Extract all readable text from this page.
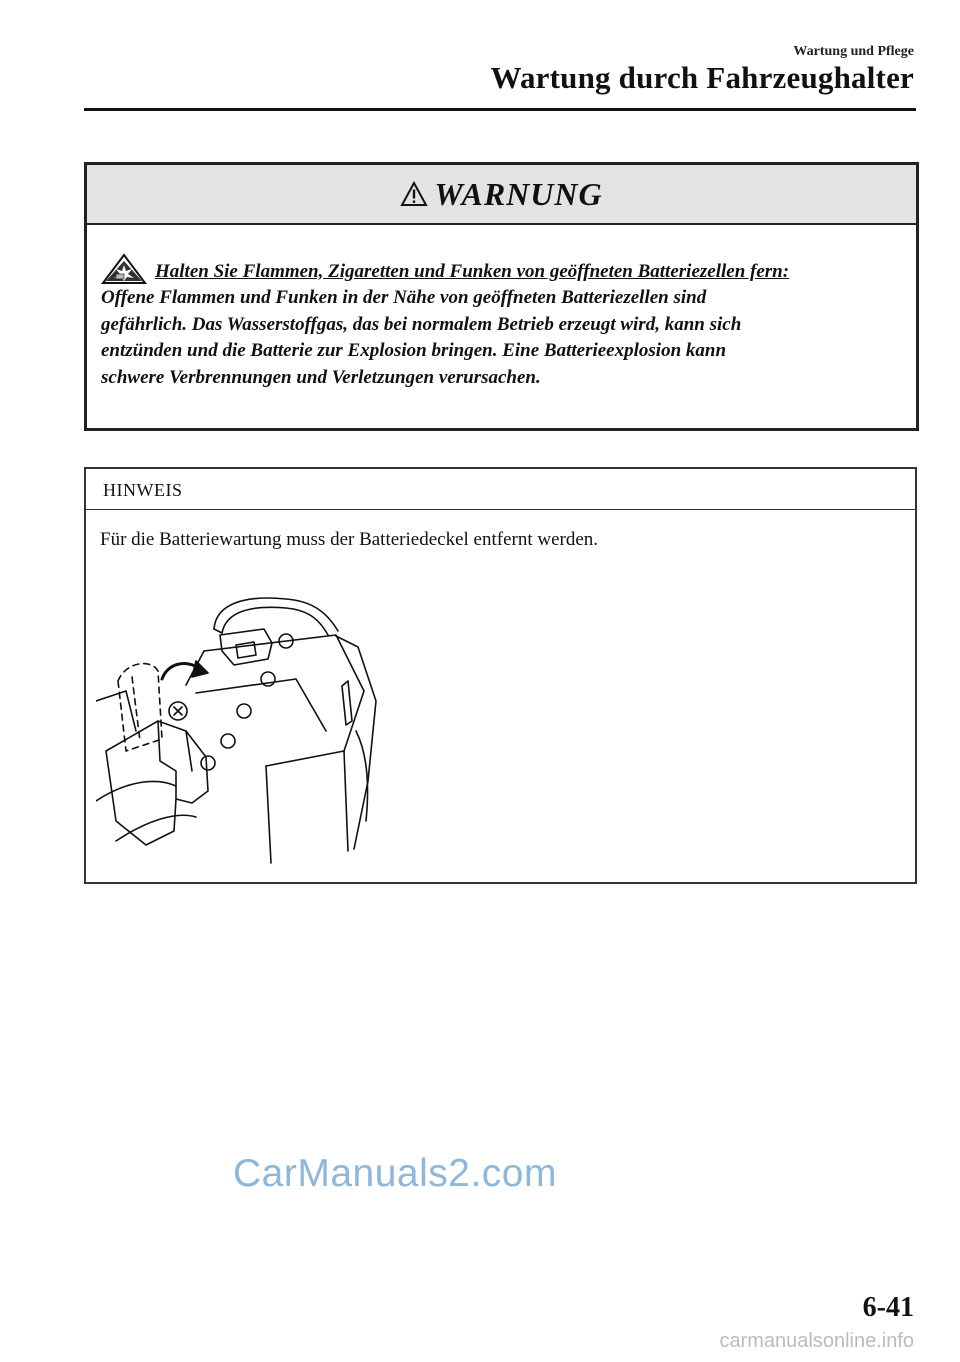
Wartung und Pflege
Wartung durch Fahrzeughalter
WARNUNG
Halten Sie Flammen, Zigaretten und Funken von geöffneten Batteriezellen fern:
Offene Flammen und Funken in der Nähe von geöffneten Batteriezellen sind
gefährlich. Das Wasserstoffgas, das bei normalem Betrieb erzeugt wird, kann sich
entzünden und die Batterie zur Explosion bringen. Eine Batterieexplosion kann
schwere Verbrennungen und Verletzungen verursachen.
HINWEIS
Für die Batteriewartung muss der Batteriedeckel entfernt werden.
CarManuals2.com
6-41
carmanualsonline.info
